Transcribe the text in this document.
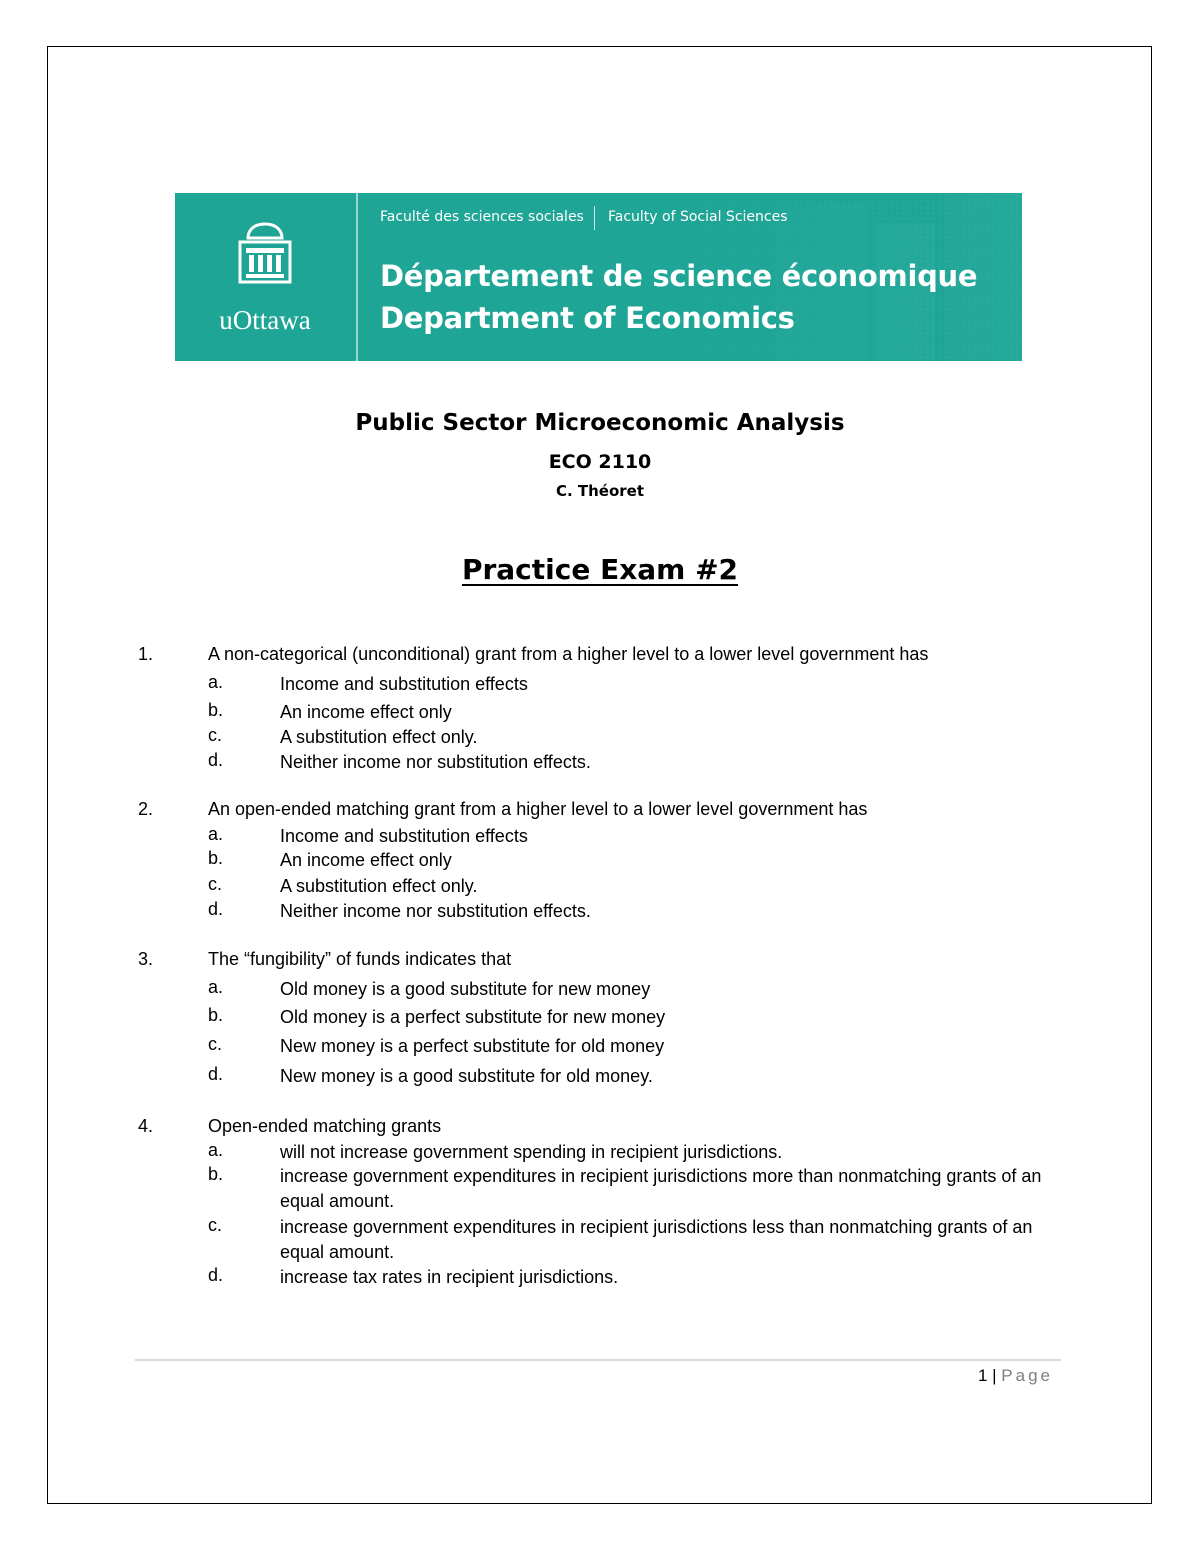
uOttawa
Faculté des sciences sociales Faculty of Social Sciences
Département de science économique
Department of Economics
Public Sector Microeconomic Analysis
ECO 2110
C. Théoret
Practice Exam #2
1.	A non-categorical (unconditional) grant from a higher level to a lower level government has
a.	Income and substitution effects
b.	An income effect only
c.	A substitution effect only.
d.	Neither income nor substitution effects.
2.	An open-ended matching grant from a higher level to a lower level government has
a.	Income and substitution effects
b.	An income effect only
c.	A substitution effect only.
d.	Neither income nor substitution effects.
3.	The “fungibility” of funds indicates that
a.	Old money is a good substitute for new money
b.	Old money is a perfect substitute for new money
c.	New money is a perfect substitute for old money
d.	New money is a good substitute for old money.
4.	Open-ended matching grants
a.	will not increase government spending in recipient jurisdictions.
b.	increase government expenditures in recipient jurisdictions more than nonmatching grants of an equal amount.
c.	increase government expenditures in recipient jurisdictions less than nonmatching grants of an equal amount.
d.	increase tax rates in recipient jurisdictions.
1 | Page
